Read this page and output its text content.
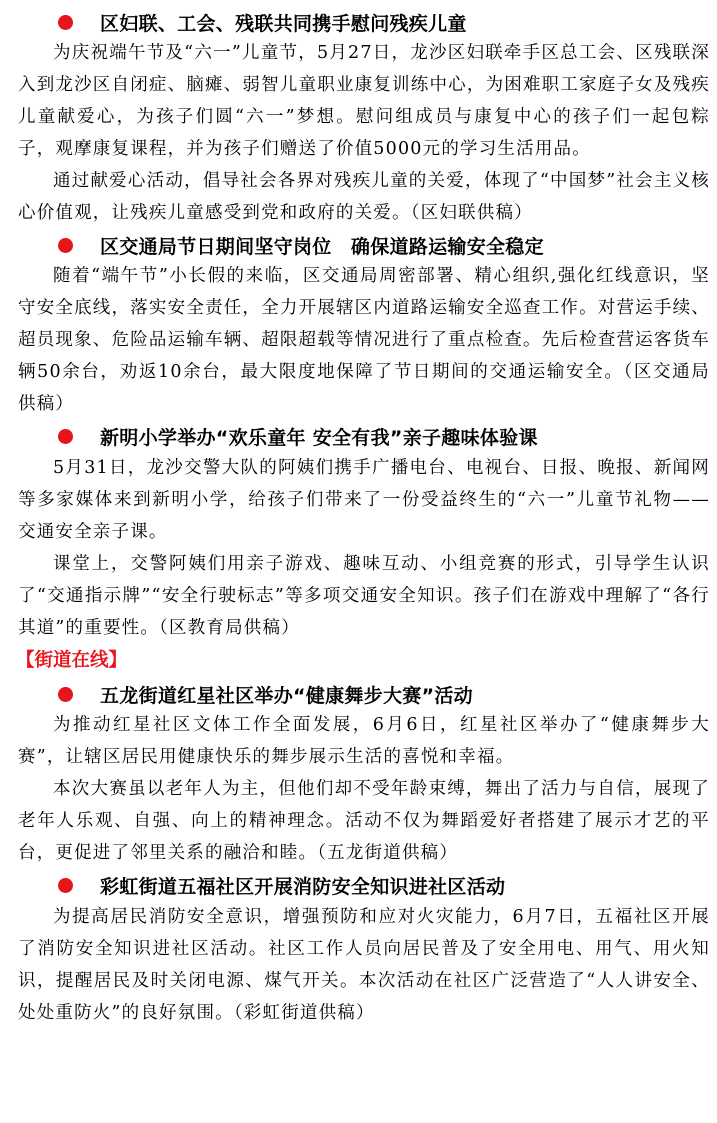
区妇联、工会、残联共同携手慰问残疾儿童

为庆祝端午节及“六一”儿童节，5月27日，龙沙区妇联牵手区总工会、区残联深入到龙沙区自闭症、脑瘫、弱智儿童职业康复训练中心，为困难职工家庭子女及残疾儿童献爱心，为孩子们圆“六一”梦想。慰问组成员与康复中心的孩子们一起包粽子，观摩康复课程，并为孩子们赠送了价值5000元的学习生活用品。

通过献爱心活动，倡导社会各界对残疾儿童的关爱，体现了“中国梦”社会主义核心价值观，让残疾儿童感受到党和政府的关爱。（区妇联供稿）

区交通局节日期间坚守岗位　确保道路运输安全稳定

随着“端午节”小长假的来临，区交通局周密部署、精心组织,强化红线意识，坚守安全底线，落实安全责任，全力开展辖区内道路运输安全巡查工作。对营运手续、超员现象、危险品运输车辆、超限超载等情况进行了重点检查。先后检查营运客货车辆50余台，劝返10余台，最大限度地保障了节日期间的交通运输安全。（区交通局供稿）

新明小学举办“欢乐童年 安全有我”亲子趣味体验课

5月31日，龙沙交警大队的阿姨们携手广播电台、电视台、日报、晚报、新闻网等多家媒体来到新明小学，给孩子们带来了一份受益终生的“六一”儿童节礼物——交通安全亲子课。

课堂上，交警阿姨们用亲子游戏、趣味互动、小组竞赛的形式，引导学生认识了“交通指示牌”“安全行驶标志”等多项交通安全知识。孩子们在游戏中理解了“各行其道”的重要性。（区教育局供稿）

【街道在线】
五龙街道红星社区举办“健康舞步大赛”活动

为推动红星社区文体工作全面发展，6月6日，红星社区举办了“健康舞步大赛”，让辖区居民用健康快乐的舞步展示生活的喜悦和幸福。

本次大赛虽以老年人为主，但他们却不受年龄束缚，舞出了活力与自信，展现了老年人乐观、自强、向上的精神理念。活动不仅为舞蹈爱好者搭建了展示才艺的平台，更促进了邻里关系的融洽和睦。（五龙街道供稿）

彩虹街道五福社区开展消防安全知识进社区活动

为提高居民消防安全意识，增强预防和应对火灾能力，6月7日，五福社区开展了消防安全知识进社区活动。社区工作人员向居民普及了安全用电、用气、用火知识，提醒居民及时关闭电源、煤气开关。本次活动在社区广泛营造了“人人讲安全、处处重防火”的良好氛围。（彩虹街道供稿）
